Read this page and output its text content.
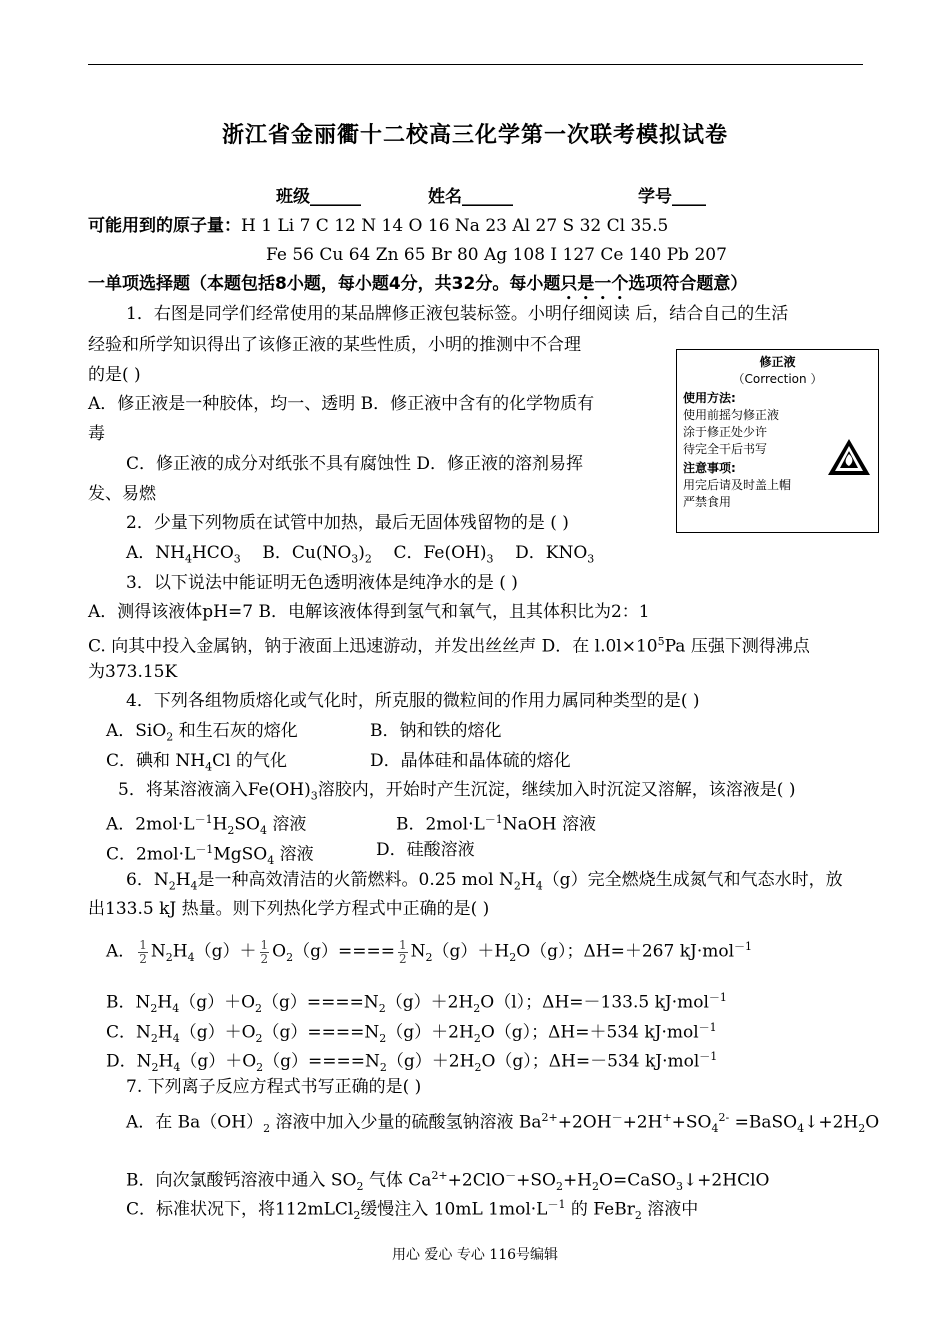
浙江省金丽衢十二校高三化学第一次联考模拟试卷
班级______	姓名______	学号____
可能用到的原子量：H 1 Li 7 C 12 N 14 O 16 Na 23 Al 27 S 32 Cl 35.5
Fe 56 Cu 64 Zn 65 Br 80 Ag 108 I 127 Ce 140 Pb 207
一单项选择题（本题包括8小题，每小题4分，共32分。每小题只是一个选项符合题意）
1．右图是同学们经常使用的某品牌修正液包装标签。小明仔细阅读 后，结合自己的生活
经验和所学知识得出了该修正液的某些性质，小明的推测中不合理
的是( )
A．修正液是一种胶体，均一、透明 B．修正液中含有的化学物质有
毒
C．修正液的成分对纸张不具有腐蚀性 D．修正液的溶剂易挥
发、易燃
修正液
（Correction ）
使用方法:
使用前摇匀修正液
涂于修正处少许
待完全干后书写
注意事项:
用完后请及时盖上帽
严禁食用
2．少量下列物质在试管中加热，最后无固体残留物的是 ( )
A．$NH_4HCO_3$    B．$Cu(NO_3)_2$    C．$Fe(OH)_3$    D．$KNO_3$
3．以下说法中能证明无色透明液体是纯净水的是 ( )
A．测得该液体pH=7 B．电解该液体得到氢气和氧气，且其体积比为2：1
C. 向其中投入金属钠，钠于液面上迅速游动，并发出丝丝声 D．在 $l.0l\times 10^5Pa$ 压强下测得沸点
为373.15K
4．下列各组物质熔化或气化时，所克服的微粒间的作用力属同种类型的是( )
A．SiO$_2$ 和生石灰的熔化	B．钠和铁的熔化
C．碘和 $NH_4Cl$ 的气化	D．晶体硅和晶体硫的熔化
5．将某溶液滴入$Fe(OH)_3$溶胶内，开始时产生沉淀，继续加入时沉淀又溶解，该溶液是( )
A．$2mol\cdot L^{-1}H_2SO_4$ 溶液	B．$2mol\cdot L^{-1}NaOH$ 溶液
C．$2mol\cdot L^{-1}MgSO_4$ 溶液	D．硅酸溶液
6．$N_2H_4$是一种高效清洁的火箭燃料。0.25 mol $N_2H_4(g)$完全燃烧生成氮气和气态水时，放
出133.5 kJ 热量。则下列热化学方程式中正确的是( )
A． $\frac{1}{2} N_2H_4(g)+ \frac{1}{2} O_2(g)==== \frac{1}{2} N_2(g)+H_2O(g)$；ΔH=＋267 kJ·mol$^{-1}$
B．$N_2H_4(g)+O_2(g)====N_2(g)+2H_2O(l)$；ΔH=－133.5 kJ·mol$^{-1}$
C．$N_2H_4(g)+O_2(g)====N_2(g)+2H_2O(g)$；ΔH=＋534 kJ·mol$^{-1}$
D．$N_2H_4(g)+O_2(g)====N_2(g)+2H_2O(g)$；ΔH=－534 kJ·mol$^{-1}$
7. 下列离子反应方程式书写正确的是( )
A．在 $Ba(OH)_2$ 溶液中加入少量的硫酸氢钠溶液 $Ba^{2+}+2OH^-+2H^++SO_4^{2-}$ $=BaSO_4↓+2H_2O$
B．向次氯酸钙溶液中通入 $SO_2$ 气体 $Ca^{2+}+2ClO^-+SO_2+H_2O=CaSO_3↓+2HClO$
C．标准状况下，将112mLCl$_2$缓慢注入 10mL $1mol\cdot L^{-1}$ 的 FeBr$_2$ 溶液中
用心 爱心 专心 116号编辑
